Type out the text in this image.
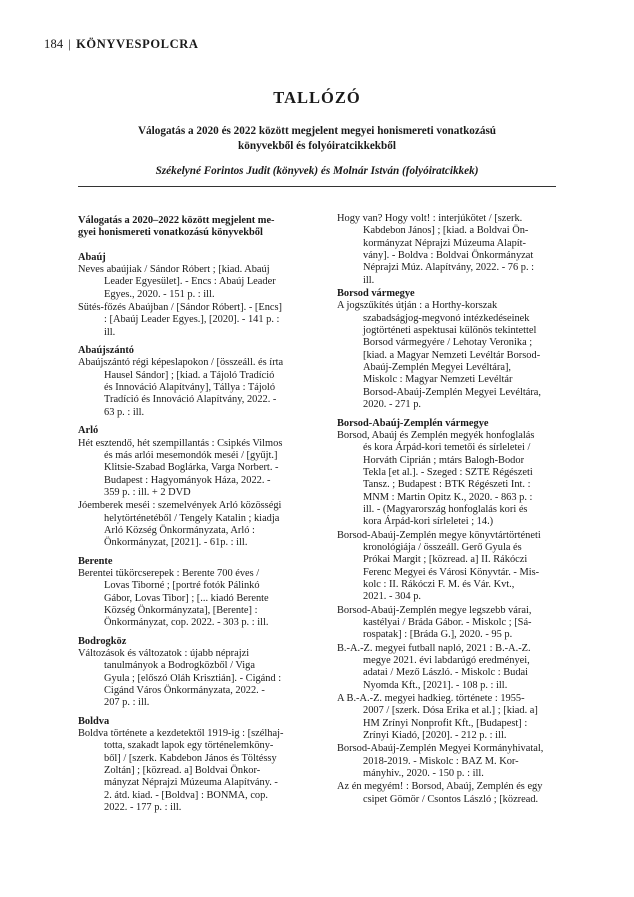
184 | KÖNYVESPOLCRA
TALLÓZÓ
Válogatás a 2020 és 2022 között megjelent megyei honismereti vonatkozású
könyvekből és folyóiratcikkekből
Székelyné Forintos Judit (könyvek) és Molnár István (folyóiratcikkek)
Válogatás a 2020–2022 között megjelent me-
gyei honismereti vonatkozású könyvekből
Abaúj
Neves abaújiak / Sándor Róbert ; [kiad. Abaúj
Leader Egyesület]. - Encs : Abaúj Leader
Egyes., 2020. - 151 p. : ill.
Sütés-főzés Abaújban / [Sándor Róbert]. - [Encs]
: [Abaúj Leader Egyes.], [2020]. - 141 p. :
ill.
Abaújszántó
Abaújszántó régi képeslapokon / [összeáll. és írta
Hausel Sándor] ; [kiad. a Tájoló Tradíció
és Innováció Alapítvány], Tállya : Tájoló
Tradíció és Innováció Alapítvány, 2022. -
63 p. : ill.
Arló
Hét esztendő, hét szempillantás : Csipkés Vilmos
és más arlói mesemondók meséi / [gyűjt.]
Klitsie-Szabad Boglárka, Varga Norbert. -
Budapest : Hagyományok Háza, 2022. -
359 p. : ill. + 2 DVD
Jóemberek meséi : szemelvények Arló közösségi
helytörténetéből / Tengely Katalin ; kiadja
Arló Község Önkormányzata, Arló :
Önkormányzat, [2021]. - 61p. : ill.
Berente
Berentei tükörcserepek : Berente 700 éves /
Lovas Tiborné ; [portré fotók Pálinkó
Gábor, Lovas Tibor] ; [... kiadó Berente
Község Önkormányzata], [Berente] :
Önkormányzat, cop. 2022. - 303 p. : ill.
Bodrogköz
Változások és változatok : újabb néprajzi
tanulmányok a Bodrogközből / Viga
Gyula ; [előszó Oláh Krisztián]. - Cigánd :
Cigánd Város Önkormányzata, 2022. -
207 p. : ill.
Boldva
Boldva története a kezdetektől 1919-ig : [szélhaj-
totta, szakadt lapok egy történelemköny-
ből] / [szerk. Kabdebon János és Töltéssy
Zoltán] ; [közread. a] Boldvai Önkor-
mányzat Néprajzi Múzeuma Alapítvány. -
2. átd. kiad. - [Boldva] : BONMA, cop.
2022. - 177 p. : ill.
Hogy van? Hogy volt! : interjúkötet / [szerk.
Kabdebon János] ; [kiad. a Boldvai Ön-
kormányzat Néprajzi Múzeuma Alapít-
vány]. - Boldva : Boldvai Önkormányzat
Néprajzi Múz. Alapítvány, 2022. - 76 p. :
ill.
Borsod vármegye
A jogszűkítés útján : a Horthy-korszak
szabadságjog-megvonó intézkedéseinek
jogtörténeti aspektusai különös tekintettel
Borsod vármegyére / Lehotay Veronika ;
[kiad. a Magyar Nemzeti Levéltár Borsod-
Abaúj-Zemplén Megyei Levéltára],
Miskolc : Magyar Nemzeti Levéltár
Borsod-Abaúj-Zemplén Megyei Levéltára,
2020. - 271 p.
Borsod-Abaúj-Zemplén vármegye
Borsod, Abaúj és Zemplén megyék honfoglalás
és kora Árpád-kori temetői és sírleletei /
Horváth Ciprián ; mtárs Balogh-Bodor
Tekla [et al.]. - Szeged : SZTE Régészeti
Tansz. ; Budapest : BTK Régészeti Int. :
MNM : Martin Opitz K., 2020. - 863 p. :
ill. - (Magyarország honfoglalás kori és
kora Árpád-kori sírleletei ; 14.)
Borsod-Abaúj-Zemplén megye könyvtártörténeti
kronológiája / összeáll. Gerő Gyula és
Prókai Margit ; [közread. a] II. Rákóczi
Ferenc Megyei és Városi Könyvtár. - Mis-
kolc : II. Rákóczi F. M. és Vár. Kvt.,
2021. - 304 p.
Borsod-Abaúj-Zemplén megye legszebb várai,
kastélyai / Bráda Gábor. - Miskolc ; [Sá-
rospatak] : [Bráda G.], 2020. - 95 p.
B.-A.-Z. megyei futball napló, 2021 : B.-A.-Z.
megye 2021. évi labdarúgó eredményei,
adatai / Mező László. - Miskolc : Budai
Nyomda Kft., [2021]. - 108 p. : ill.
A B.-A.-Z. megyei hadkieg. története : 1955-
2007 / [szerk. Dósa Erika et al.] ; [kiad. a]
HM Zrínyi Nonprofit Kft., [Budapest] :
Zrínyi Kiadó, [2020]. - 212 p. : ill.
Borsod-Abaúj-Zemplén Megyei Kormányhivatal,
2018-2019. - Miskolc : BAZ M. Kor-
mányhiv., 2020. - 150 p. : ill.
Az én megyém! : Borsod, Abaúj, Zemplén és egy
csipet Gömör / Csontos László ; [közread.
